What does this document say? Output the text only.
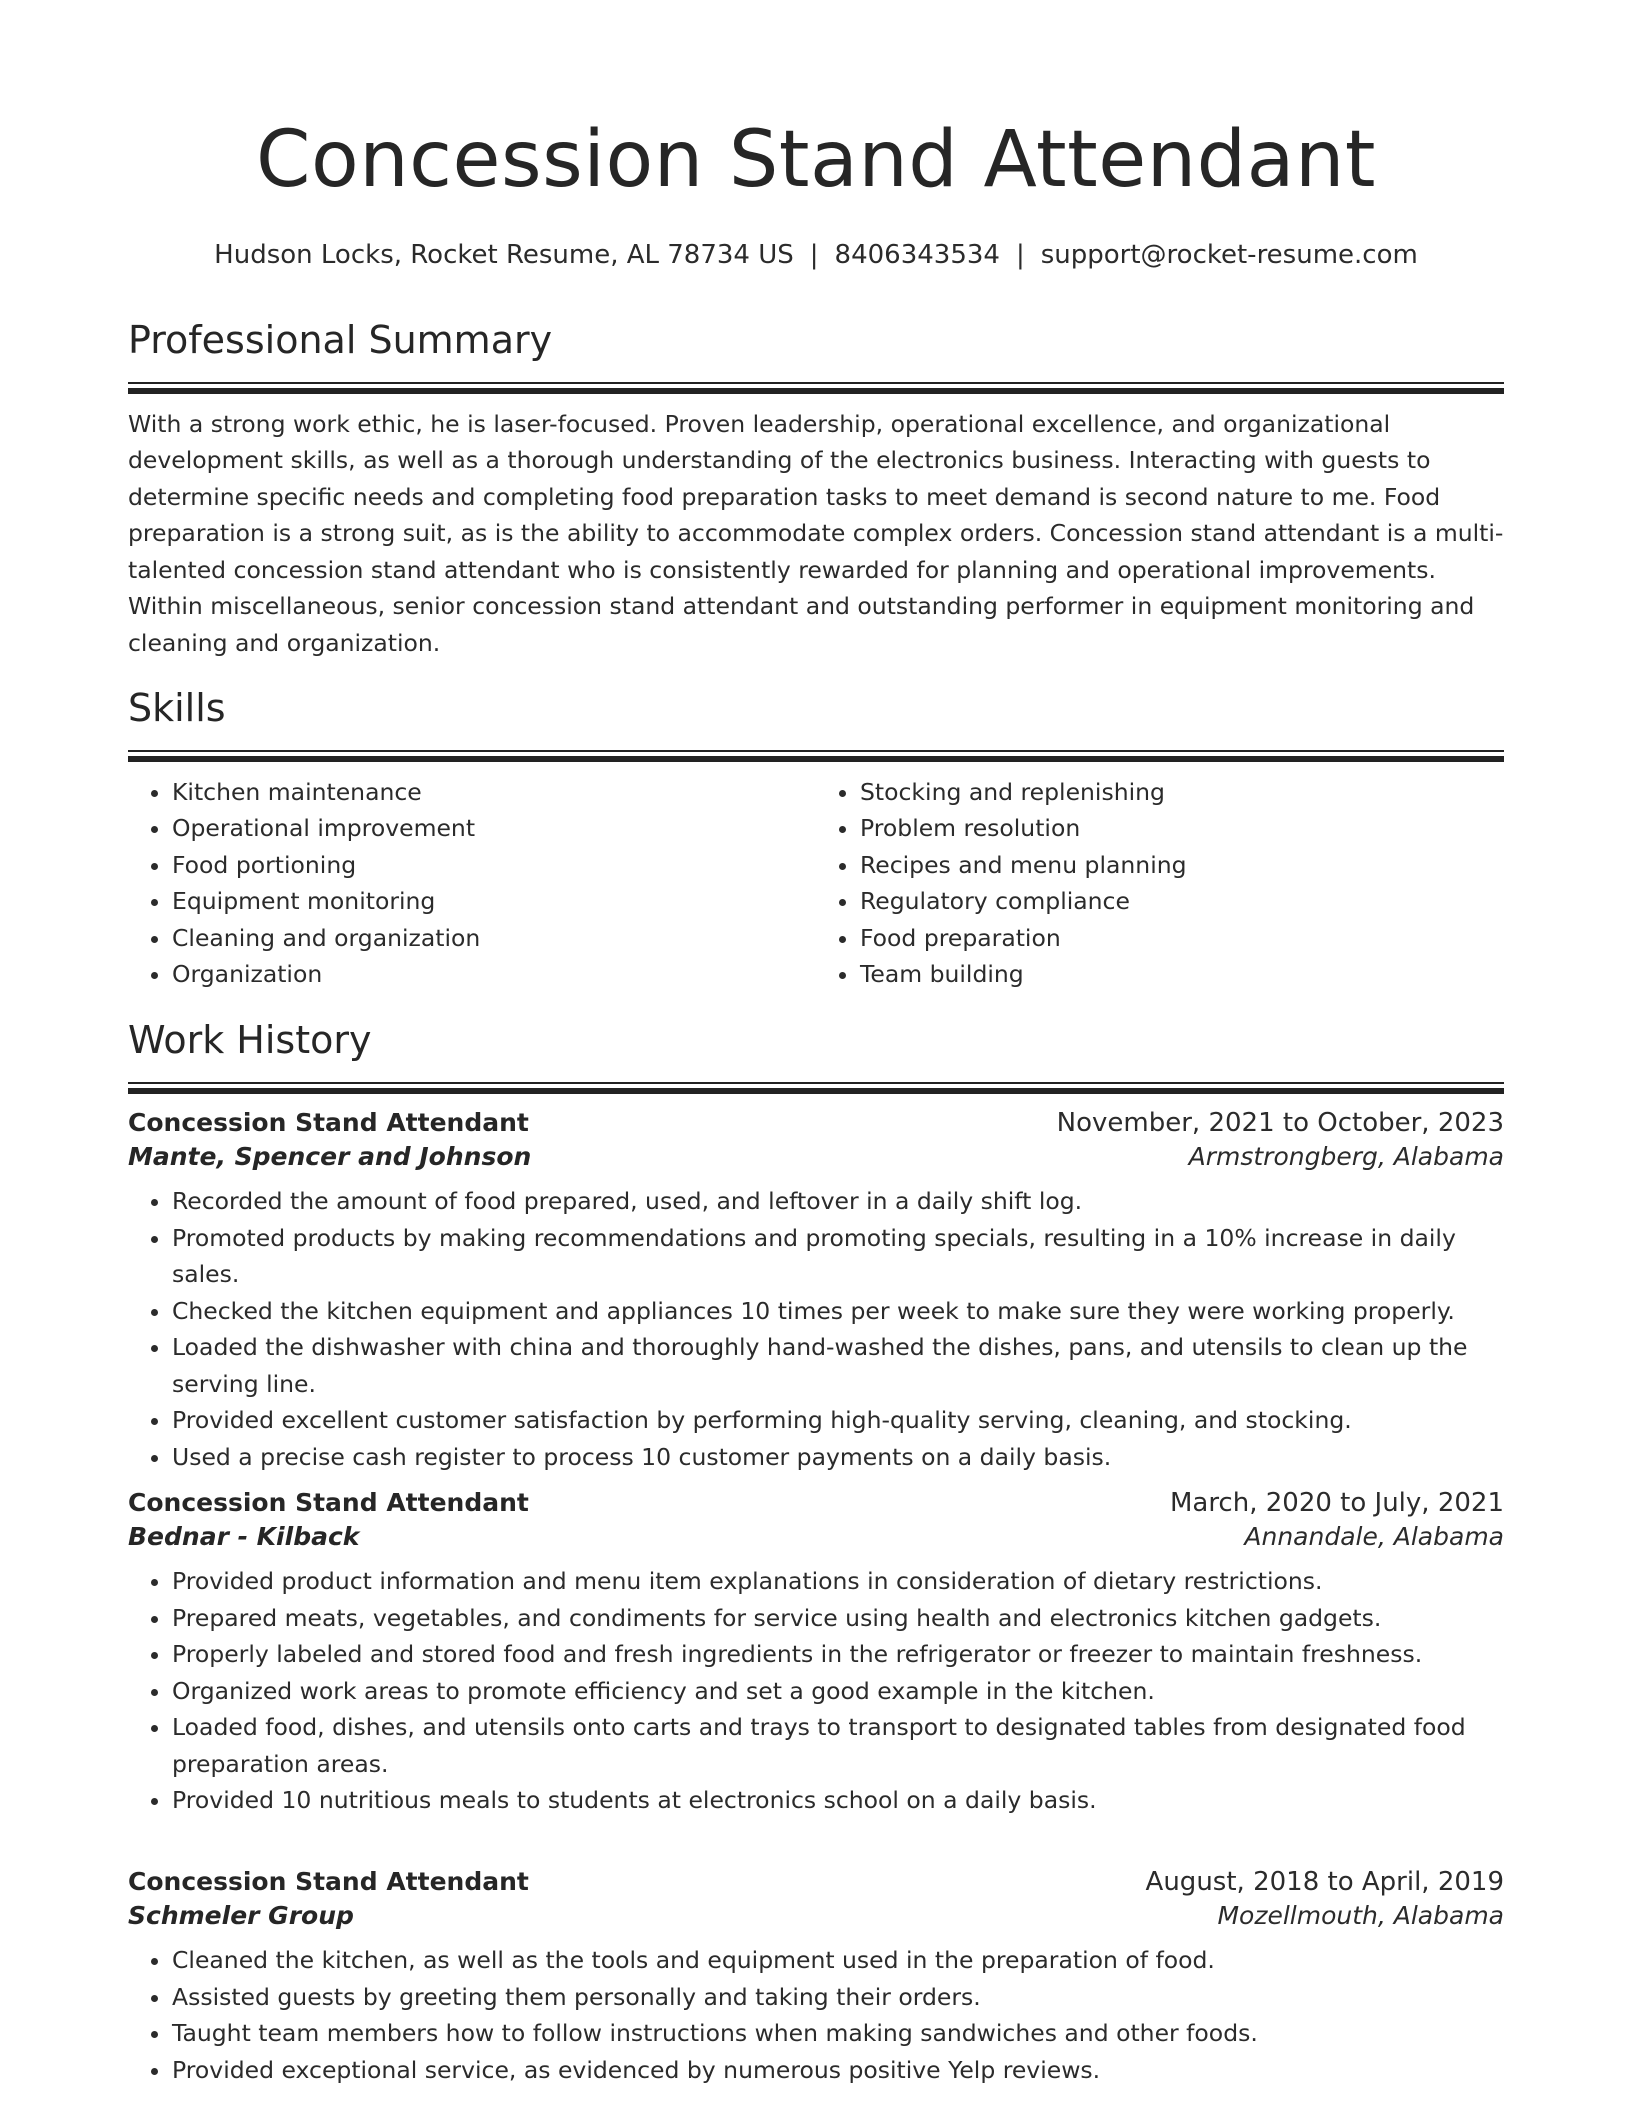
Concession Stand Attendant
Hudson Locks, Rocket Resume, AL 78734 US | 8406343534 | support@rocket-resume.com
Professional Summary

With a strong work ethic, he is laser-focused. Proven leadership, operational excellence, and organizational development skills, as well as a thorough understanding of the electronics business. Interacting with guests to determine specific needs and completing food preparation tasks to meet demand is second nature to me. Food preparation is a strong suit, as is the ability to accommodate complex orders. Concession stand attendant is a multi-talented concession stand attendant who is consistently rewarded for planning and operational improvements. Within miscellaneous, senior concession stand attendant and outstanding performer in equipment monitoring and cleaning and organization.

Skills
• Kitchen maintenance
• Operational improvement
• Food portioning
• Equipment monitoring
• Cleaning and organization
• Organization
• Stocking and replenishing
• Problem resolution
• Recipes and menu planning
• Regulatory compliance
• Food preparation
• Team building
Work History
Concession Stand Attendant	November, 2021 to October, 2023
Mante, Spencer and Johnson	Armstrongberg, Alabama
• Recorded the amount of food prepared, used, and leftover in a daily shift log.
• Promoted products by making recommendations and promoting specials, resulting in a 10% increase in daily sales.
• Checked the kitchen equipment and appliances 10 times per week to make sure they were working properly.
• Loaded the dishwasher with china and thoroughly hand-washed the dishes, pans, and utensils to clean up the serving line.
• Provided excellent customer satisfaction by performing high-quality serving, cleaning, and stocking.
• Used a precise cash register to process 10 customer payments on a daily basis.
Concession Stand Attendant	March, 2020 to July, 2021
Bednar - Kilback	Annandale, Alabama
• Provided product information and menu item explanations in consideration of dietary restrictions.
• Prepared meats, vegetables, and condiments for service using health and electronics kitchen gadgets.
• Properly labeled and stored food and fresh ingredients in the refrigerator or freezer to maintain freshness.
• Organized work areas to promote efficiency and set a good example in the kitchen.
• Loaded food, dishes, and utensils onto carts and trays to transport to designated tables from designated food preparation areas.
• Provided 10 nutritious meals to students at electronics school on a daily basis.
Concession Stand Attendant	August, 2018 to April, 2019
Schmeler Group	Mozellmouth, Alabama
• Cleaned the kitchen, as well as the tools and equipment used in the preparation of food.
• Assisted guests by greeting them personally and taking their orders.
• Taught team members how to follow instructions when making sandwiches and other foods.
• Provided exceptional service, as evidenced by numerous positive Yelp reviews.
